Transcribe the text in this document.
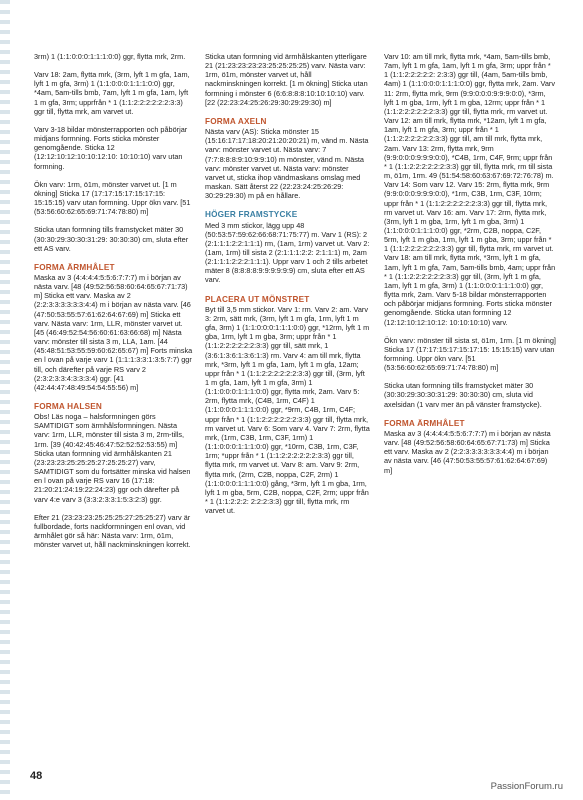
3rm) 1 (1:1:0:0:0:1:1:1:0:0) ggr, flytta mrk, 2rm.
Varv 18: 2am, flytta mrk, (3rm, lyft 1 m gfa, 1am, lyft 1 m gfa, 3rm) 1 (1:1:0:0:0:1:1:1:0:0) ggr, *4am, 5am-tills bmb, 7am, lyft 1 m gfa, 1am, lyft 1 m gfa, 3rm; upprfrån * 1 (1:1:2:2:2:2:2:2:3:3) ggr till, flytta mrk, am varvet ut.
Varv 3-18 bildar mönsterrapporten och påbörjar midjans formning. Forts sticka mönster genomgående. Sticka 12 (12:12:10:12:10:10:12:10: 10:10:10) varv utan formning.
Ökn varv: 1rm, ö1m, mönster varvet ut. [1 m ökning] Sticka 17 (17:17:15:17:15:17:15: 15:15:15) varv utan formning. Uppr ökn varv. [51 (53:56:60:62:65:69:71:74:78:80) m]
Sticka utan formning tills framstycket mäter 30 (30:30:29:30:30:31:29: 30:30:30) cm, sluta efter ett AS varv.
FORMA ÄRMHÅLET
Maska av 3 (4:4:4:4:5:5:6:7:7:7) m i början av nästa varv. [48 (49:52:56:58:60:64:65:67:71:73) m] Sticka ett varv. Maska av 2 (2:2:3:3:3:3:3:3:4:4) m i början av nästa varv. [46 (47:50:53:55:57:61:62:64:67:69) m] Sticka ett varv. Nästa varv: 1rm, LLR, mönster varvet ut. [45 (46:49:52:54:56:60:61:63:66:68) m] Nästa varv: mönster till sista 3 m, LLA, 1am. [44 (45:48:51:53:55:59:60:62:65:67) m] Forts minska en l ovan på varje varv 1 (1:1:1:3:3:1:3:5:7:7) ggr till, och därefter på varje RS varv 2 (2:3:2:3:3:4:3:3:3:4) ggr. [41 (42:44:47:48:49:54:54:55:56) m]
FORMA HALSEN
Obs! Läs noga – halsformningen görs SAMTIDIGT som ärmhålsformningen. Nästa varv: 1rm, LLR, mönster till sista 3 m, 2rm-tills, 1rm. [39 (40:42:45:46:47:52:52:52:53:55) m] Sticka utan formning vid ärmhålskanten 21 (23:23:23:25:25:25:27:25:25:27) varv, SAMTIDIGT som du fortsätter minska vid halsen en l ovan på varje RS varv 16 (17:18: 21:20:21:24:19:22:24:23) ggr och därefter på varv 4:e varv 3 (3:3:2:3:3:1:5:3:2:3) ggr.
Efter 21 (23:23:23:25:25:25:27:25:25:27) varv är fullbordade, forts nackformningen enl ovan, vid ärmhålet gör så här: Nästa varv: 1rm, ö1m, mönster varvet ut, håll nackminskningen korrekt.
Sticka utan formning vid ärmhålskanten ytterligare 21 (21:23:23:23:23:25:25:25:25) varv. Nästa varv: 1rm, ö1m, mönster varvet ut, håll nackminskningen korrekt. [1 m ökning] Sticka utan formning i mönster 6 (6:6:8:8:8:10:10:10:10) varv. [22 (22:23:24:25:26:29:30:29:29:30) m]
FORMA AXELN
Nästa varv (AS): Sticka mönster 15 (15:16:17:17:18:20:21:20:20:21) m, vänd m. Nästa varv: mönster varvet ut. Nästa varv: 7 (7:7:8:8:8:9:10:9:9:10) m mönster, vänd m. Nästa varv: mönster varvet ut. Nästa varv: mönster varvet ut, sticka ihop vändmaskans omslag med maskan. Sätt återst 22 (22:23:24:25:26:29: 30:29:29:30) m på en hållare.
HÖGER FRAMSTYCKE
Med 3 mm stickor, lägg upp 48 (50:53:57:59:62:66:68:71:75:77) m. Varv 1 (RS): 2 (2:1:1:1:2:2:1:1:1) rm, (1am, 1rm) varvet ut. Varv 2: (1am, 1rm) till sista 2 (2:1:1:1:2:2: 2:1:1:1) m, 2am (2:1:1:1:2:2:2:1:1:1). Uppr varv 1 och 2 tills arbetet mäter 8 (8:8:8:8:9:9:9:9:9:9) cm, sluta efter ett AS varv.
PLACERA UT MÖNSTRET
Byt till 3,5 mm stickor. Varv 1: rm. Varv 2: am. Varv 3: 2rm, sätt mrk, (3rm, lyft 1 m gfa, 1rm, lyft 1 m gfa, 3rm) 1 (1:1:0:0:0:1:1:1:0:0) ggr, *12rm, lyft 1 m gba, 1rm, lyft 1 m gba, 3rm; uppr från * 1 (1:1:2:2:2:2:2:2:3:3) ggr till, sätt mrk, 1 (3:6:1:3:6:1:3:6:1:3) rm. Varv 4: am till mrk, flytta mrk, *3rm, lyft 1 m gfa, 1am, lyft 1 m gfa, 12am; uppr från * 1 (1:1:2:2:2:2:2:2:3:3) ggr till, (3rm, lyft 1 m gfa, 1am, lyft 1 m gfa, 3rm) 1 (1:1:0:0:0:1:1:1:0:0) ggr, flytta mrk, 2am. Varv 5: 2rm, flytta mrk, (C4B, 1rm, C4F) 1 (1:1:0:0:0:1:1:1:0:0) ggr, *9rm, C4B, 1rm, C4F; uppr från * 1 (1:1:2:2:2:2:2:2:3:3) ggr till, flytta mrk, rm varvet ut. Varv 6: Som varv 4. Varv 7: 2rm, flytta mrk, (1rm, C3B, 1rm, C3F, 1rm) 1 (1:1:0:0:0:1:1:1:0:0) ggr, *10rm, C3B, 1rm, C3F, 1rm; *uppr från * 1 (1:1:2:2:2:2:2:2:3:3) ggr till, flytta mrk, rm varvet ut. Varv 8: am. Varv 9: 2rm, flytta mrk, (2rm, C2B, noppa, C2F, 2rm) 1 (1:1:0:0:0:1:1:1:0:0) gång, *3rm, lyft 1 m gba, 1rm, lyft 1 m gba, 5rm, C2B, noppa, C2F, 2rm; uppr från * 1 (1:1:2:2:2: 2:2:2:3:3) ggr till, flytta mrk, rm varvet ut.
Varv 10: am till mrk, flytta mrk, *4am, 5am-tills bmb, 7am, lyft 1 m gfa, 1am, lyft 1 m gfa, 3rm; uppr från * 1 (1:1:2:2:2:2:2: 2:3:3) ggr till, (4am, 5am-tills bmb, 4am) 1 (1:1:0:0:0:1:1:1:0:0) ggr, flytta mrk, 2am. Varv 11: 2rm, flytta mrk, 9rm (9:9:0:0:0:9:9:9:0:0), *3rm, lyft 1 m gba, 1rm, lyft 1 m gba, 12rm; uppr från * 1 (1:1:2:2:2:2:2:2:3:3) ggr till, flytta mrk, rm varvet ut. Varv 12: am till mrk, flytta mrk, *12am, lyft 1 m gfa, 1am, lyft 1 m gfa, 3rm; uppr från * 1 (1:1:2:2:2:2:2:2:3:3) ggr till, am till mrk, flytta mrk, 2am. Varv 13: 2rm, flytta mrk, 9rm (9:9:0:0:0:9:9:9:0:0), *C4B, 1rm, C4F, 9rm; uppr från * 1 (1:1:2:2:2:2:2:2:3:3) ggr till, flytta mrk, rm till sista m, ö1m, 1rm. 49 (51:54:58:60:63:67:69:72:76:78) m. Varv 14: Som varv 12. Varv 15: 2rm, flytta mrk, 9rm (9:9:0:0:0:9:9:9:0:0), *1rm, C3B, 1rm, C3F, 10rm; uppr från * 1 (1:1:2:2:2:2:2:2:3:3) ggr till, flytta mrk, rm varvet ut. Varv 16: am. Varv 17: 2rm, flytta mrk, (3rm, lyft 1 m gba, 1rm, lyft 1 m gba, 3rm) 1 (1:1:0:0:0:1:1:1:0:0) ggr, *2rm, C2B, noppa, C2F, 5rm, lyft 1 m gba, 1rm, lyft 1 m gba, 3rm; uppr från * 1 (1:1:2:2:2:2:2:2:3:3) ggr till, flytta mrk, rm varvet ut. Varv 18: am till mrk, flytta mrk, *3rm, lyft 1 m gfa, 1am, lyft 1 m gfa, 7am, 5am-tills bmb, 4am; uppr från * 1 (1:1:2:2:2:2:2:2:3:3) ggr till, (3rm, lyft 1 m gfa, 1am, lyft 1 m gfa, 3rm) 1 (1:1:0:0:0:1:1:1:0:0) ggr, flytta mrk, 2am. Varv 5-18 bildar mönsterrapporten och påbörjar midjans formning. Forts sticka mönster genomgående. Sticka utan formning 12 (12:12:10:12:10:12: 10:10:10:10) varv.
Ökn varv: mönster till sista st, ö1m, 1rm. [1 m ökning] Sticka 17 (17:17:15:17:15:17:15: 15:15:15) varv utan formning. Uppr ökn varv. [51 (53:56:60:62:65:69:71:74:78:80) m]
Sticka utan formning tills framstycket mäter 30 (30:30:29:30:30:31:29: 30:30:30) cm, sluta vid axelsidan (1 varv mer än på vänster framstycke).
FORMA ÄRMHÅLET
Maska av 3 (4:4:4:4:5:5:6:7:7:7) m i början av nästa varv. [48 (49:52:56:58:60:64:65:67:71:73) m] Sticka ett varv. Maska av 2 (2:2:3:3:3:3:3:3:4:4) m i början av nästa varv. [46 (47:50:53:55:57:61:62:64:67:69) m]
48
PassionForum.ru
